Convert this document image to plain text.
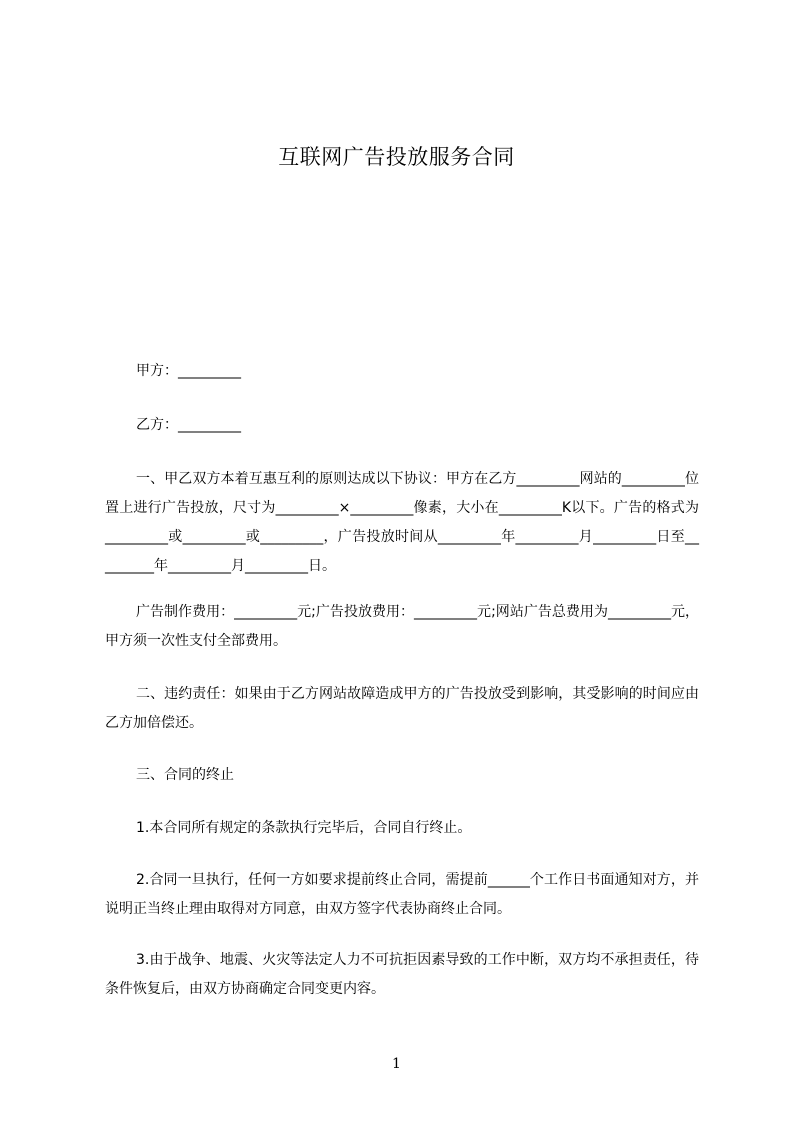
互联网广告投放服务合同
甲方：_________
乙方：_________
一、甲乙双方本着互惠互利的原则达成以下协议：甲方在乙方_________网站的_________位置上进行广告投放，尺寸为_________×_________像素，大小在_________K以下。广告的格式为_________或_________或_________，广告投放时间从_________年_________月_________日至_________年_________月_________日。
广告制作费用：_________元;广告投放费用：_________元;网站广告总费用为_________元，甲方须一次性支付全部费用。
二、违约责任：如果由于乙方网站故障造成甲方的广告投放受到影响，其受影响的时间应由乙方加倍偿还。
三、合同的终止
1.本合同所有规定的条款执行完毕后，合同自行终止。
2.合同一旦执行，任何一方如要求提前终止合同，需提前______个工作日书面通知对方，并说明正当终止理由取得对方同意，由双方签字代表协商终止合同。
3.由于战争、地震、火灾等法定人力不可抗拒因素导致的工作中断，双方均不承担责任，待条件恢复后，由双方协商确定合同变更内容。
1
